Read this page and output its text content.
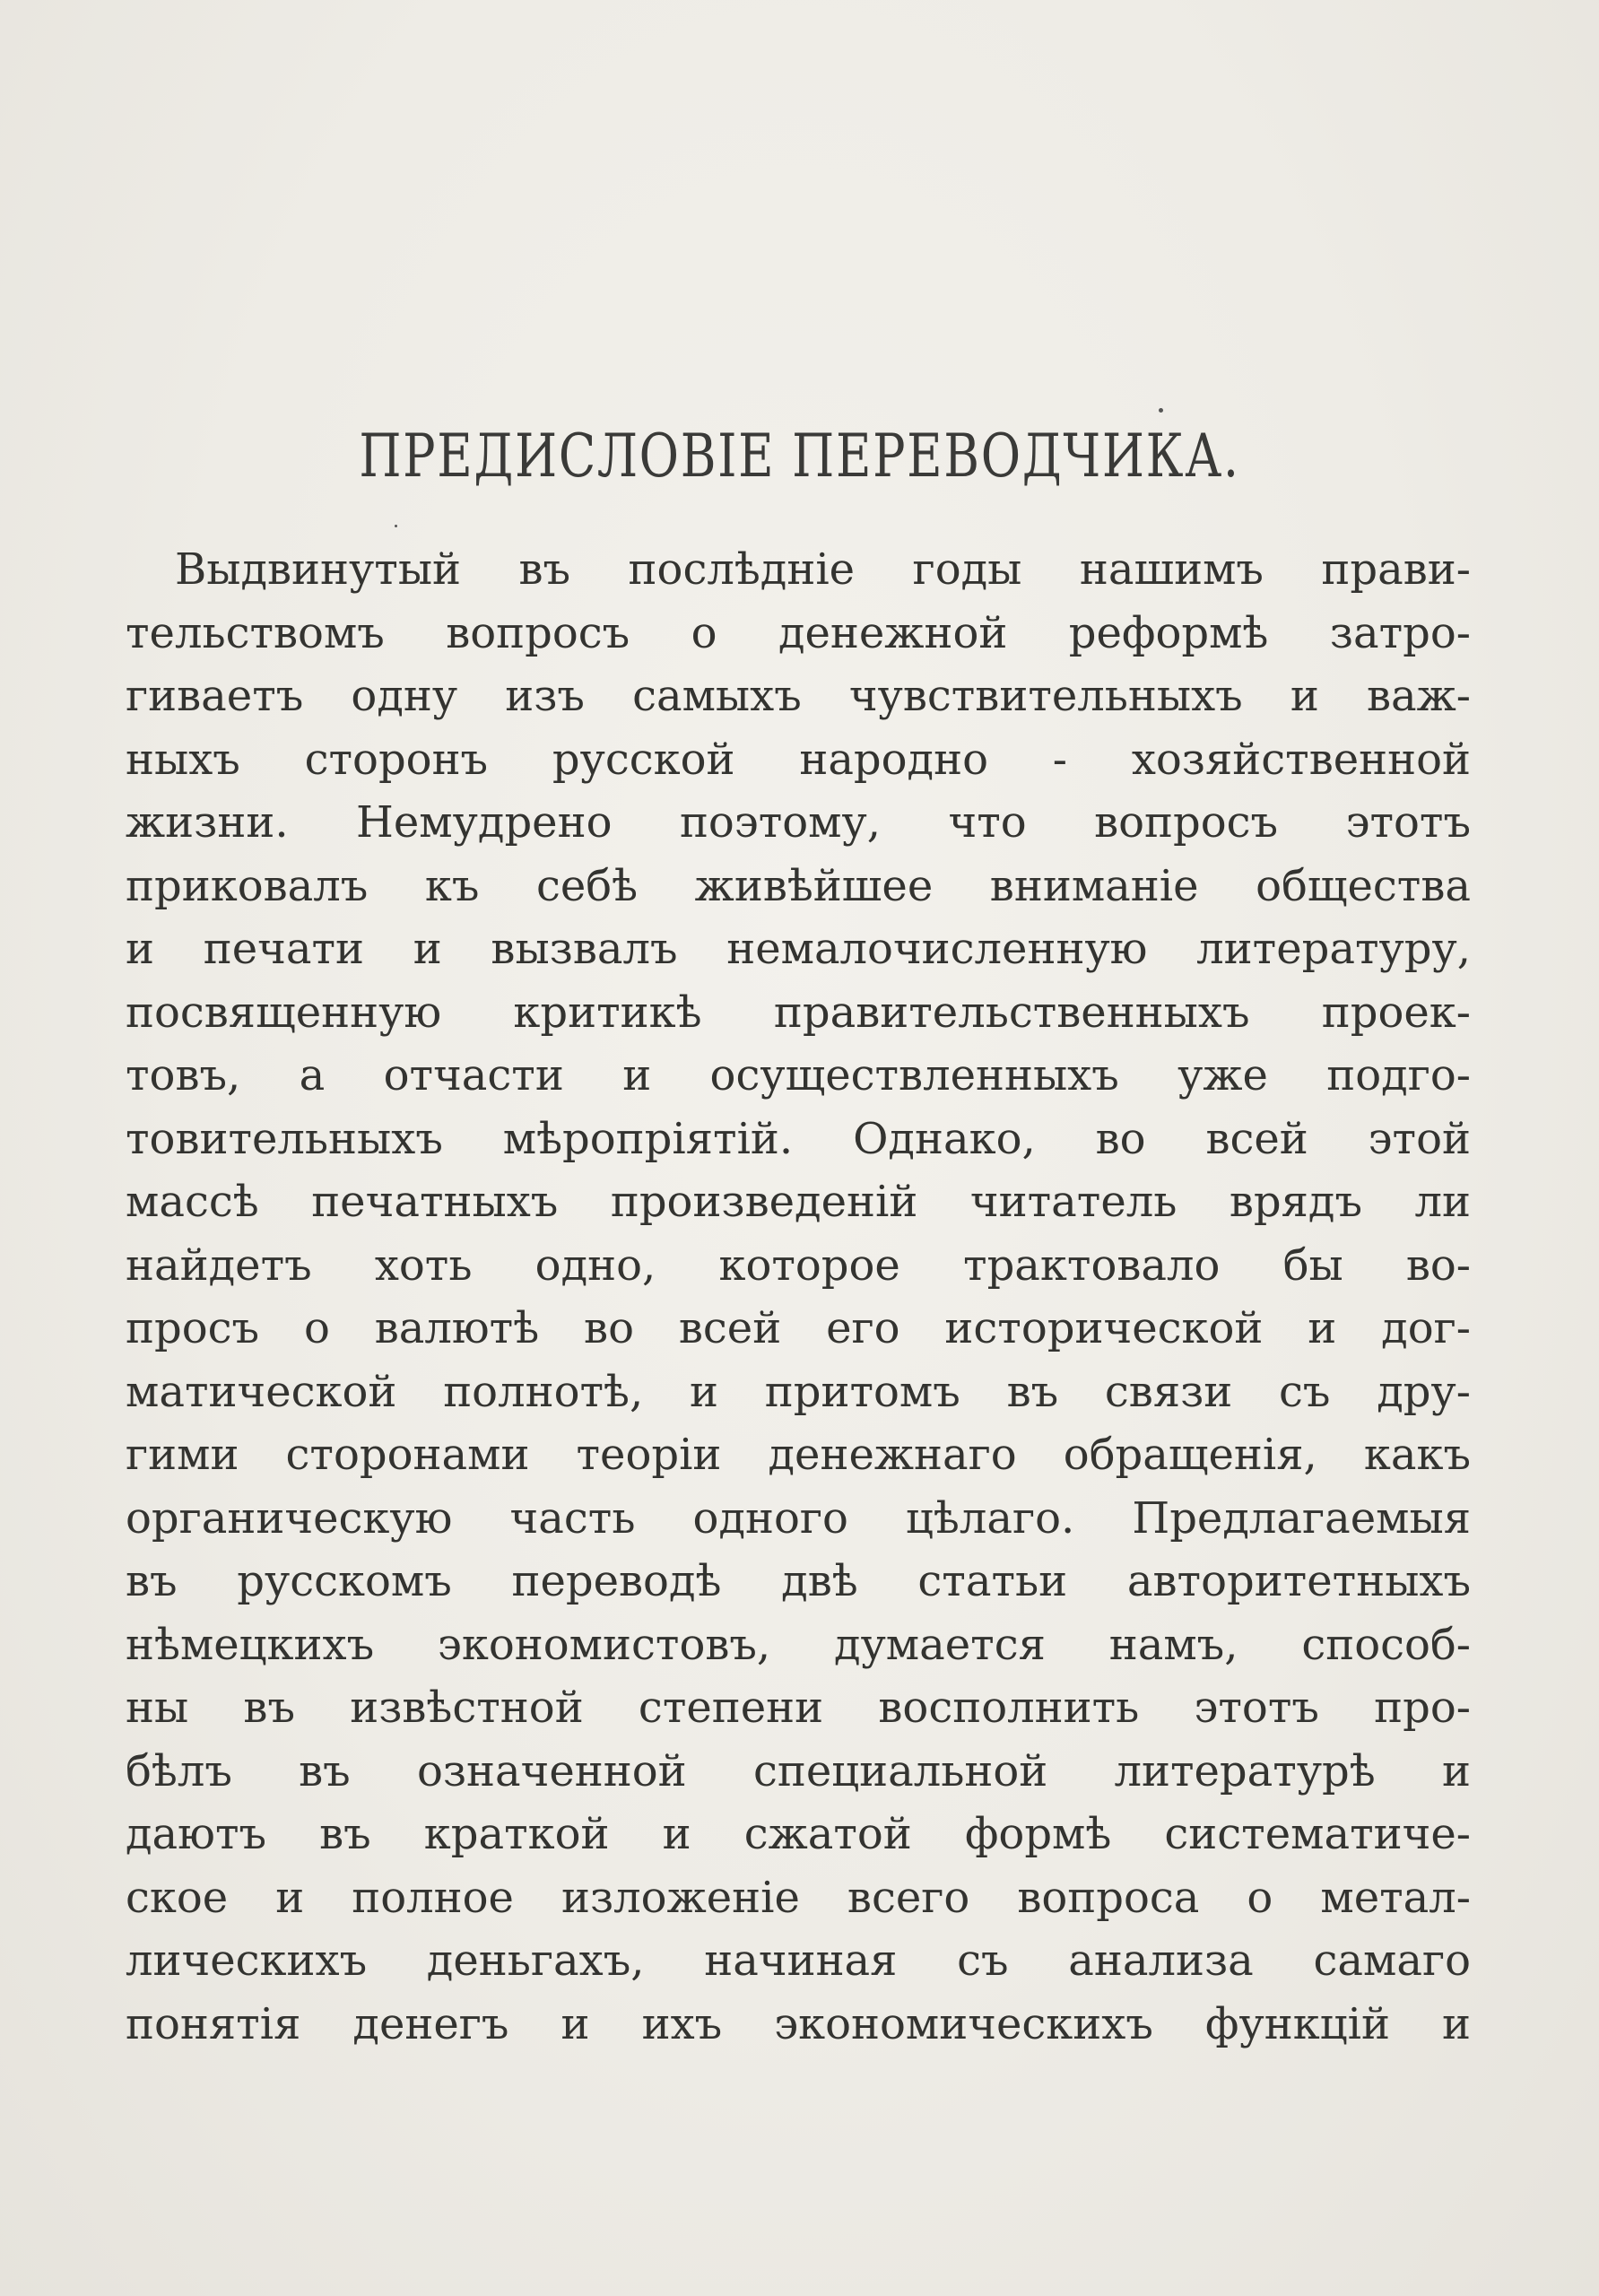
ПРЕДИСЛОВІЕ ПЕРЕВОДЧИКА.
Выдвинутый въ послѣдніе годы нашимъ прави-
тельствомъ вопросъ о денежной реформѣ затро-
гиваетъ одну изъ самыхъ чувствительныхъ и важ-
ныхъ сторонъ русской народно - хозяйственной
жизни. Немудрено поэтому, что вопросъ этотъ
приковалъ къ себѣ живѣйшее вниманіе общества
и печати и вызвалъ немалочисленную литературу,
посвященную критикѣ правительственныхъ проек-
товъ, а отчасти и осуществленныхъ уже подго-
товительныхъ мѣропріятій. Однако, во всей этой
массѣ печатныхъ произведеній читатель врядъ ли
найдетъ хоть одно, которое трактовало бы во-
просъ о валютѣ во всей его исторической и дог-
матической полнотѣ, и притомъ въ связи съ дру-
гими сторонами теоріи денежнаго обращенія, какъ
органическую часть одного цѣлаго. Предлагаемыя
въ русскомъ переводѣ двѣ статьи авторитетныхъ
нѣмецкихъ экономистовъ, думается намъ, способ-
ны въ извѣстной степени восполнить этотъ про-
бѣлъ въ означенной специальной литературѣ и
даютъ въ краткой и сжатой формѣ систематиче-
ское и полное изложеніе всего вопроса о метал-
лическихъ деньгахъ, начиная съ анализа самаго
понятія денегъ и ихъ экономическихъ функцій и
